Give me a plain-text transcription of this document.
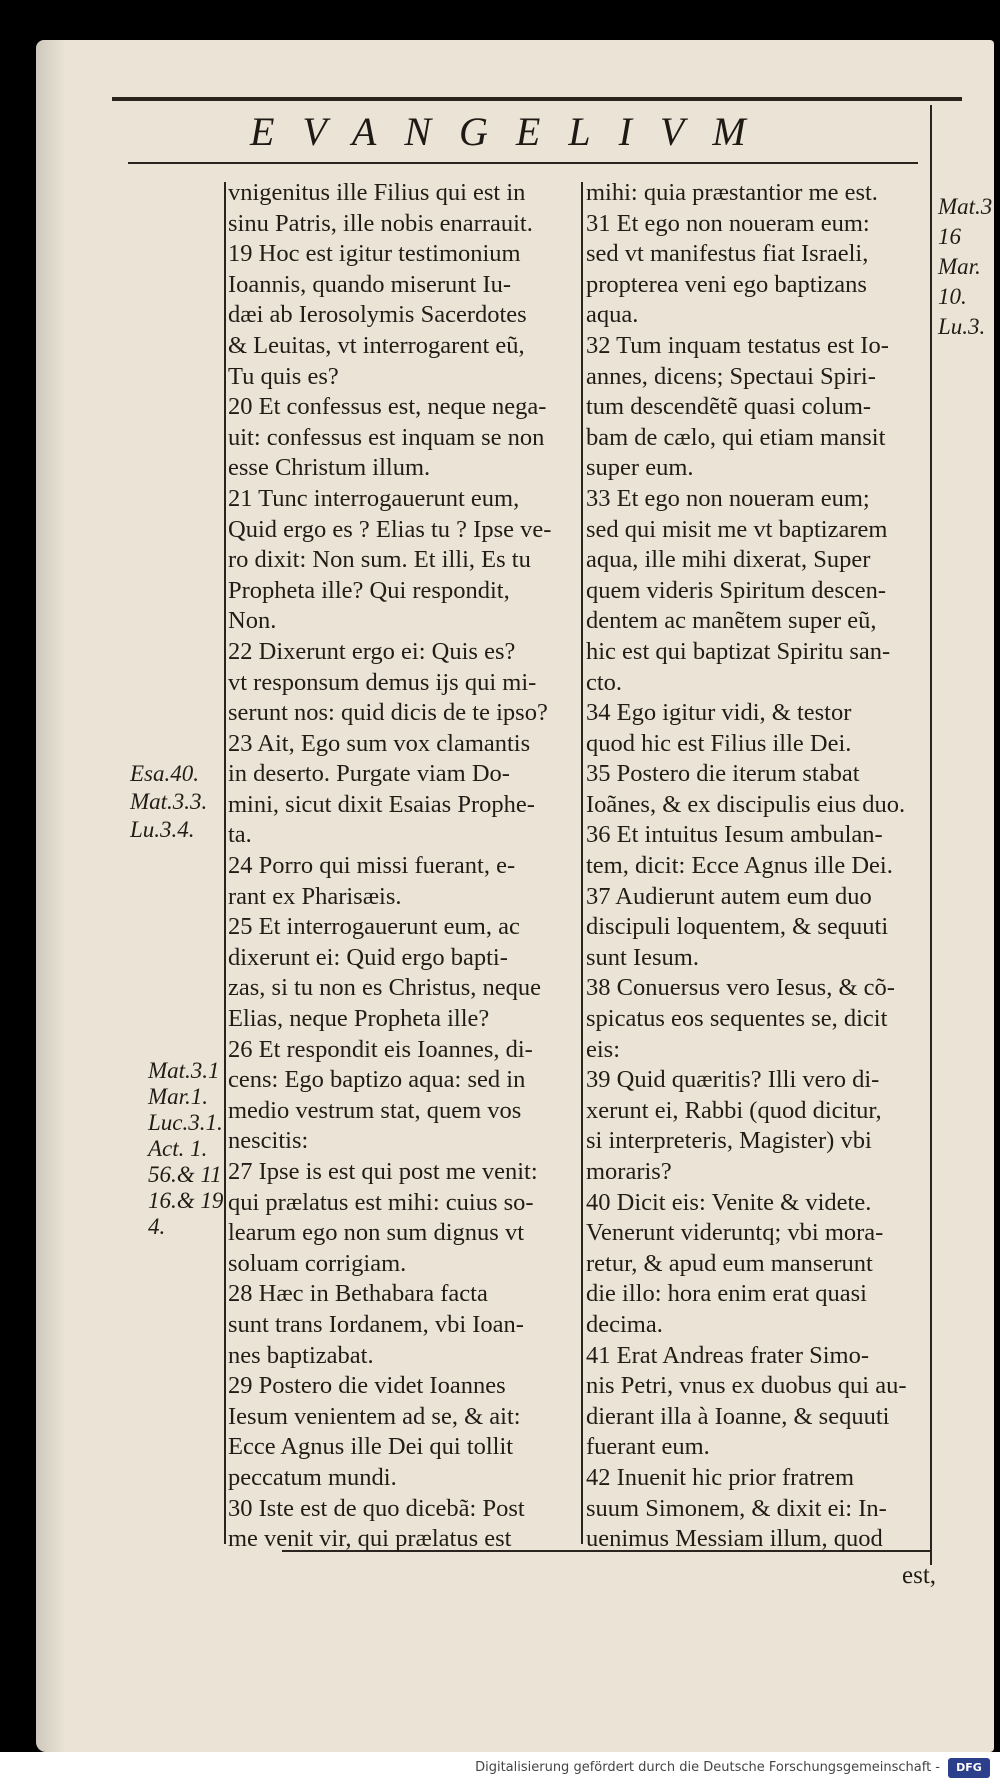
EVANGELIVM
vnigenitus ille Filius qui est in
sinu Patris, ille nobis enarrauit.
19 Hoc est igitur testimonium
Ioannis, quando miserunt Iu-
dæi ab Ierosolymis Sacerdotes
& Leuitas, vt interrogarent eũ,
Tu quis es?
20 Et confessus est, neque nega-
uit: confessus est inquam se non
esse Christum illum.
21 Tunc interrogauerunt eum,
Quid ergo es ? Elias tu ? Ipse ve-
ro dixit: Non sum. Et illi, Es tu
Propheta ille? Qui respondit,
Non.
22 Dixerunt ergo ei: Quis es?
vt responsum demus ijs qui mi-
serunt nos: quid dicis de te ipso?
23 Ait, Ego sum vox clamantis
in deserto. Purgate viam Do-
mini, sicut dixit Esaias Prophe-
ta.
24 Porro qui missi fuerant, e-
rant ex Pharisæis.
25 Et interrogauerunt eum, ac
dixerunt ei: Quid ergo bapti-
zas, si tu non es Christus, neque
Elias, neque Propheta ille?
26 Et respondit eis Ioannes, di-
cens: Ego baptizo aqua: sed in
medio vestrum stat, quem vos
nescitis:
27 Ipse is est qui post me venit:
qui prælatus est mihi: cuius so-
learum ego non sum dignus vt
soluam corrigiam.
28 Hæc in Bethabara facta
sunt trans Iordanem, vbi Ioan-
nes baptizabat.
29 Postero die videt Ioannes
Iesum venientem ad se, & ait:
Ecce Agnus ille Dei qui tollit
peccatum mundi.
30 Iste est de quo dicebã: Post
me venit vir, qui prælatus est
mihi: quia præstantior me est.
31 Et ego non noueram eum:
sed vt manifestus fiat Israeli,
propterea veni ego baptizans
aqua.
32 Tum inquam testatus est Io-
annes, dicens; Spectaui Spiri-
tum descendẽtẽ quasi colum-
bam de cælo, qui etiam mansit
super eum.
33 Et ego non noueram eum;
sed qui misit me vt baptizarem
aqua, ille mihi dixerat, Super
quem videris Spiritum descen-
dentem ac manẽtem super eũ,
hic est qui baptizat Spiritu san-
cto.
34 Ego igitur vidi, & testor
quod hic est Filius ille Dei.
35 Postero die iterum stabat
Ioãnes, & ex discipulis eius duo.
36 Et intuitus Iesum ambulan-
tem, dicit: Ecce Agnus ille Dei.
37 Audierunt autem eum duo
discipuli loquentem, & sequuti
sunt Iesum.
38 Conuersus vero Iesus, & cõ-
spicatus eos sequentes se, dicit
eis:
39 Quid quæritis? Illi vero di-
xerunt ei, Rabbi (quod dicitur,
si interpreteris, Magister) vbi
moraris?
40 Dicit eis: Venite & videte.
Venerunt videruntq; vbi mora-
retur, & apud eum manserunt
die illo: hora enim erat quasi
decima.
41 Erat Andreas frater Simo-
nis Petri, vnus ex duobus qui au-
dierant illa à Ioanne, & sequuti
fuerant eum.
42 Inuenit hic prior fratrem
suum Simonem, & dixit ei: In-
uenimus Messiam illum, quod
Esa.40.
Mat.3.3.
Lu.3.4.
Mat.3.1
Mar.1.
Luc.3.1.
Act. 1.
56.& 11
16.& 19
4.
Mat.3
16
Mar.
10.
Lu.3.
est,
Digitalisierung gefördert durch die Deutsche Forschungsgemeinschaft -	DFG
